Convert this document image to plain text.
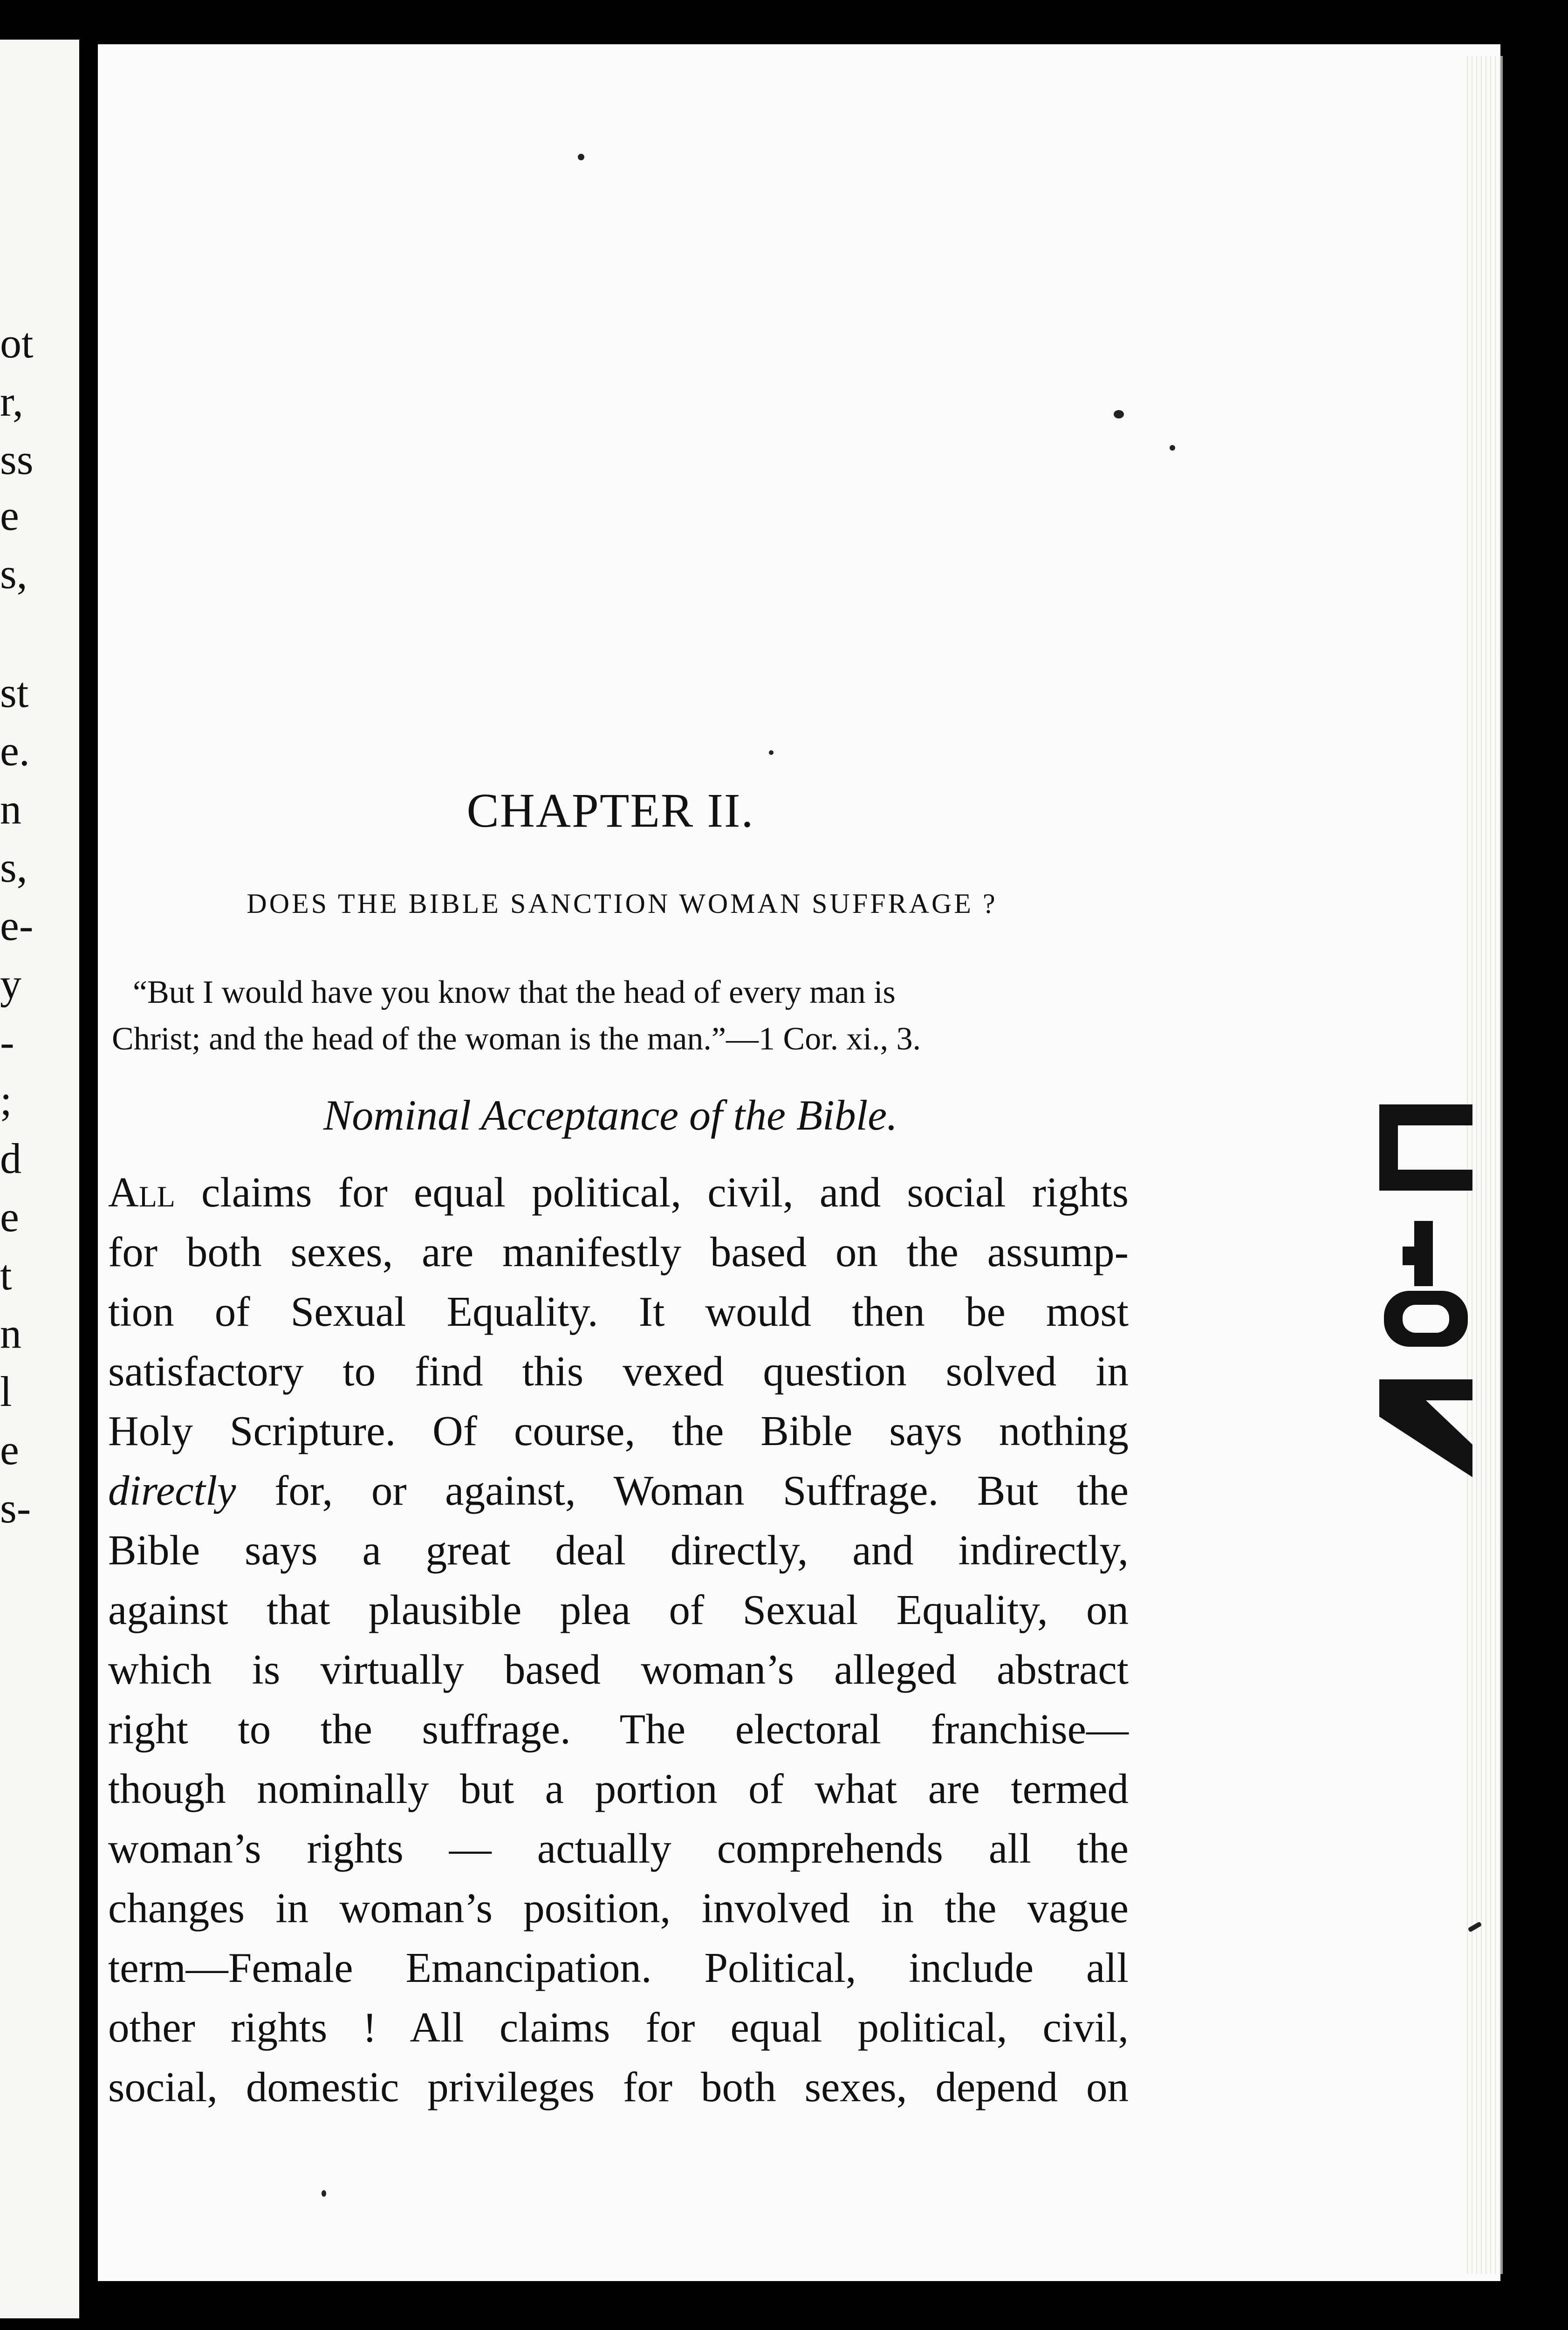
ot
r,
ss
e
s,
st
e.
n
s,
e-
y
-
;
d
e
t
n
l
e
s-
CHAPTER II.
DOES THE BIBLE SANCTION WOMAN SUFFRAGE ?
“But I would have you know that the head of every man is
Christ; and the head of the woman is the man.”—1 Cor. xi., 3.
Nominal Acceptance of the Bible.
All claims for equal political, civil, and social rights
for both sexes, are manifestly based on the assump-
tion of Sexual Equality. It would then be most
satisfactory to find this vexed question solved in
Holy Scripture. Of course, the Bible says nothing
directly for, or against, Woman Suffrage. But the
Bible says a great deal directly, and indirectly,
against that plausible plea of Sexual Equality, on
which is virtually based woman’s alleged abstract
right to the suffrage. The electoral franchise—
though nominally but a portion of what are termed
woman’s rights — actually comprehends all the
changes in woman’s position, involved in the vague
term—Female Emancipation. Political, include all
other rights ! All claims for equal political, civil,
social, domestic privileges for both sexes, depend on
